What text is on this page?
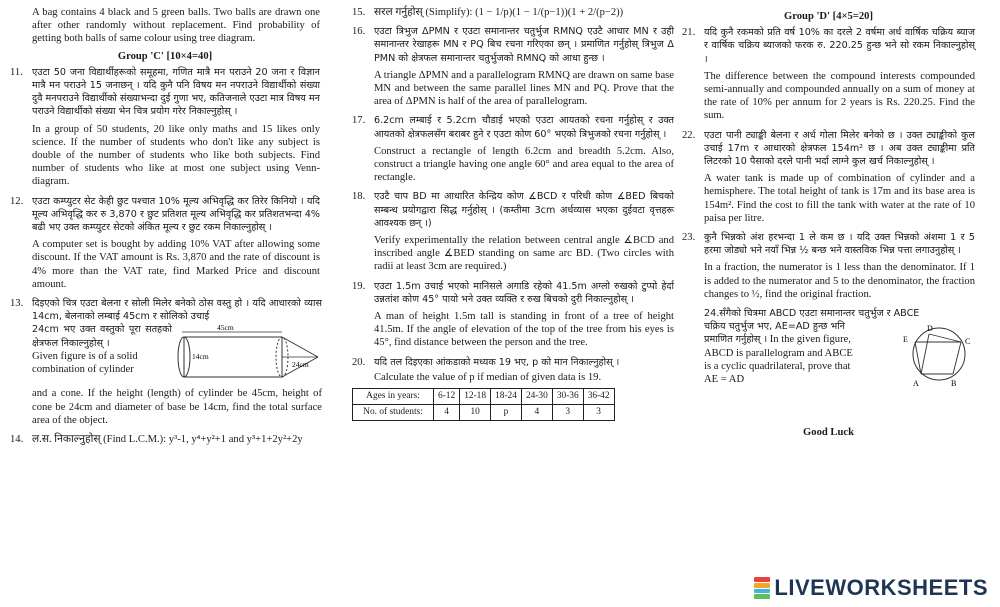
A bag contains 4 black and 5 green balls. Two balls are drawn one after other randomly without replacement. Find probability of getting both balls of same colour using tree diagram.

Group 'C' [10×4=40]
11. एउटा 50 जना विद्यार्थीहरूको समूहमा, गणित मात्रै मन पराउने 20 जना र विज्ञान मात्रै मन पराउने 15 जनाछन् । यदि कुनै पनि विषय मन नपराउने विद्यार्थीको संख्या दुवै मनपराउने विद्यार्थीको संख्याभन्दा दुई गुणा भए, कतिजनाले एउटा मात्र विषय मन पराउने विद्यार्थीको संख्या भेन चित्र प्रयोग गरेर निकाल्नुहोस् ।

In a group of 50 students, 20 like only maths and 15 likes only science. If the number of students who don't like any subject is double of the number of students who like both subjects. Find number of students who like at most one subject using Venn-diagram.

12. एउटा कम्प्युटर सेट केही छुट पश्चात 10% मूल्य अभिवृद्धि कर तिरेर किनियो । यदि मूल्य अभिवृद्धि कर रु 3,870 र छुट प्रतिशत मूल्य अभिवृद्धि कर प्रतिशतभन्दा 4% बढी भए उक्त कम्प्युटर सेटको अंकित मूल्य र छुट रकम निकाल्नुहोस् ।

A computer set is bought by adding 10% VAT after allowing some discount. If the VAT amount is Rs. 3,870 and the rate of discount is 4% more than the VAT rate, find Marked Price and discount amount.

13. दिइएको चित्र एउटा बेलना र सोली मिलेर बनेको ठोस वस्तु हो । यदि आधारको व्यास 14cm, बेलनाको लम्बाई 45cm र सोलिको उचाई

24cm भए उक्त वस्तुको पूरा सतहको क्षेत्रफल निकाल्नुहोस् ।
Given figure is of a solid
combination of cylinder
45cm
14cm
24cm

and a cone. If the height (length) of cylinder be 45cm, height of cone be 24cm and diameter of base be 14cm, find the total surface area of the object.

14. ल.स. निकाल्नुहोस् (Find L.C.M.): y³-1, y⁴+y²+1 and y³+1+2y²+2y

15. सरल गर्नुहोस् (Simplify): (1 − 1/p)(1 − 1/(p−1))(1 + 2/(p−2))

16. एउटा त्रिभुज ΔPMN र एउटा समानान्तर चतुर्भुज RMNQ एउटै आधार MN र उही समानान्तर रेखाहरू MN र PQ बिच रचना गरिएका छन् । प्रमाणित गर्नुहोस् त्रिभुज Δ PMN को क्षेत्रफल समानान्तर चतुर्भुजको RMNQ को आधा हुन्छ ।

A triangle ΔPMN and a parallelogram RMNQ are drawn on same base MN and between the same parallel lines MN and PQ. Prove that the area of ΔPMN is half of the area of parallelogram.

17. 6.2cm लम्बाई र 5.2cm चौडाई भएको एउटा आयतको रचना गर्नुहोस् र उक्त आयतको क्षेत्रफलसँग बराबर हुने र एउटा कोण 60° भएको त्रिभुजको रचना गर्नुहोस् ।

Construct a rectangle of length 6.2cm and breadth 5.2cm. Also, construct a triangle having one angle 60° and area equal to the area of rectangle.

18. एउटै चाप BD मा आधारित केन्द्रिय कोण ∡BCD र परिधी कोण ∡BED बिचको सम्बन्ध प्रयोगद्वारा सिद्ध गर्नुहोस् । (कम्तीमा 3cm अर्धव्यास भएका दुईवटा वृत्तहरू आवश्यक छन् ।)

Verify experimentally the relation between central angle ∡BCD and inscribed angle ∡BED standing on same arc BD. (Two circles with radii at least 3cm are required.)

19. एउटा 1.5m उचाई भएको मानिसले अगाडि रहेको 41.5m अग्लो रुखको टुप्पो हेर्दा उन्नतांश कोण 45° पायो भने उक्त व्यक्ति र रुख बिचको दुरी निकाल्नुहोस् ।

A man of height 1.5m tall is standing in front of a tree of height 41.5m. If the angle of elevation of the top of the tree from his eyes is 45°, find distance between the person and the tree.

20. यदि तल दिइएका आंकडाको मध्यक 19 भए, p को मान निकाल्नुहोस् ।

Calculate the value of p if median of given data is 19.

Ages in years:	6-12	12-18	18-24	24-30	30-36	36-42
No. of students:	4	10	p	4	3	3
Group 'D' [4×5=20]
21. यदि कुनै रकमको प्रति वर्ष 10% का दरले 2 वर्षमा अर्ध वार्षिक चक्रिय ब्याज र वार्षिक चक्रिय ब्याजको फरक रु. 220.25 हुन्छ भने सो रकम निकाल्नुहोस् ।

The difference between the compound interests compounded semi-annually and compounded annually on a sum of money at the rate of 10% per annum for 2 years is Rs. 220.25. Find the sum.

22. एउटा पानी ट्याङ्की बेलना र अर्ध गोला मिलेर बनेको छ । उक्त ट्याङ्कीको कुल उचाई 17m र आधारको क्षेत्रफल 154m² छ । अब उक्त ट्याङ्कीमा प्रति लिटरको 10 पैसाको दरले पानी भर्दा लाग्ने कुल खर्च निकाल्नुहोस् ।

A water tank is made up of combination of cylinder and a hemisphere. The total height of tank is 17m and its base area is 154m². Find the cost to fill the tank with water at the rate of 10 paisa per litre.

23. कुनै भिन्नको अंश हरभन्दा 1 ले कम छ । यदि उक्त भिन्नको अंशमा 1 र 5 हरमा जोड्यो भने नयाँ भिन्न ½ बन्छ भने वास्तविक भिन्न पत्ता लगाउनुहोस् ।

In a fraction, the numerator is 1 less than the denominator. If 1 is added to the numerator and 5 to the denominator, the fraction changes to ½, find the original fraction.

24.सँगैको चित्रमा ABCD एउटा समानान्तर चतुर्भुज र ABCE
चक्रिय चतुर्भुज भए, AE=AD हुन्छ भनि
प्रमाणित गर्नुहोस् । In the given figure,
ABCD is parallelogram and ABCE
is a cyclic quadrilateral, prove that
AE = AD
E
D
C
A	B
Good Luck
LIVEWORKSHEETS
